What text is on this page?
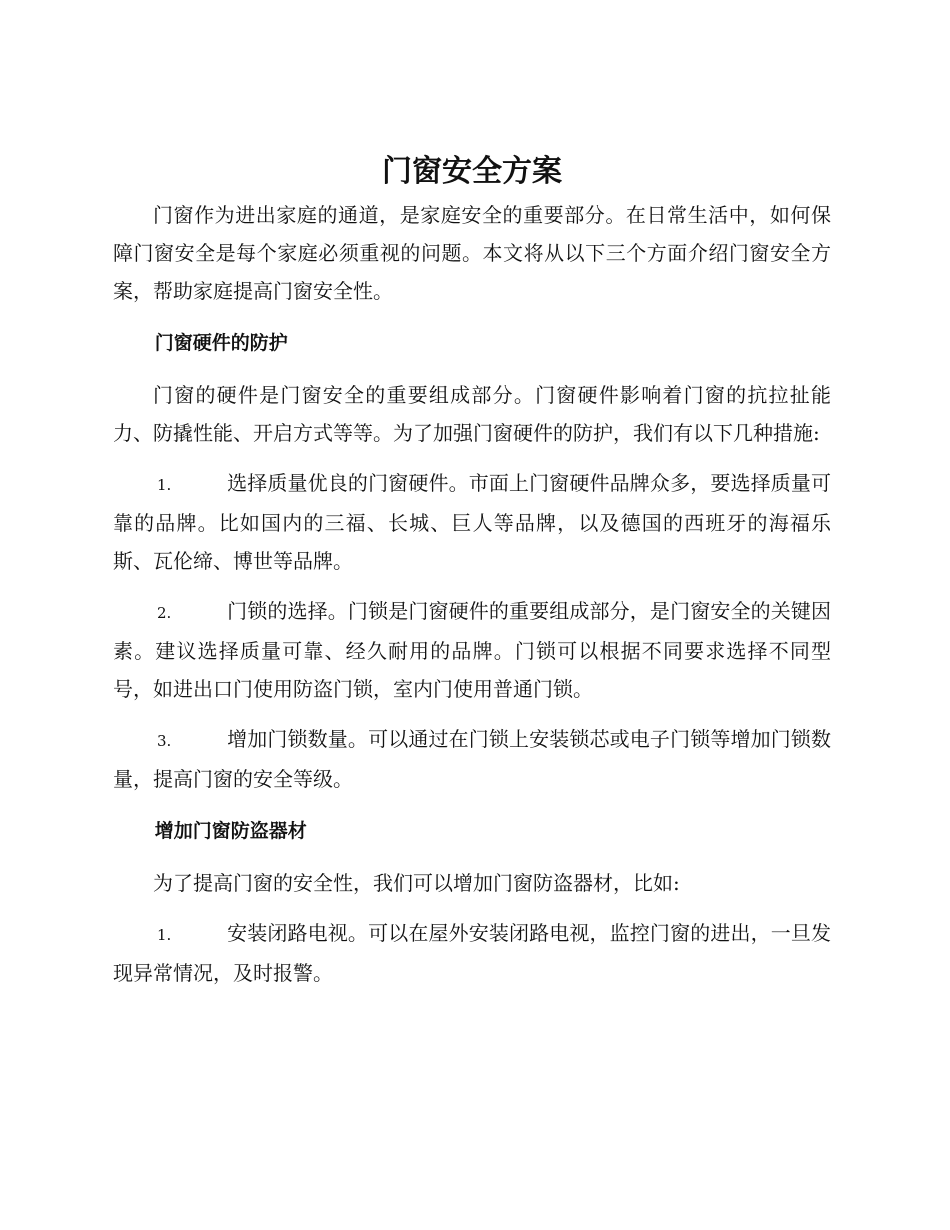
门窗安全方案

门窗作为进出家庭的通道，是家庭安全的重要部分。在日常生活中，如何保障门窗安全是每个家庭必须重视的问题。本文将从以下三个方面介绍门窗安全方案，帮助家庭提高门窗安全性。

门窗硬件的防护

门窗的硬件是门窗安全的重要组成部分。门窗硬件影响着门窗的抗拉扯能力、防撬性能、开启方式等等。为了加强门窗硬件的防护，我们有以下几种措施:

1.	选择质量优良的门窗硬件。市面上门窗硬件品牌众多，要选择质量可靠的品牌。比如国内的三福、长城、巨人等品牌，以及德国的西班牙的海福乐斯、瓦伦缔、博世等品牌。

2.	门锁的选择。门锁是门窗硬件的重要组成部分，是门窗安全的关键因素。建议选择质量可靠、经久耐用的品牌。门锁可以根据不同要求选择不同型号，如进出口门使用防盗门锁，室内门使用普通门锁。

3.	增加门锁数量。可以通过在门锁上安装锁芯或电子门锁等增加门锁数量，提高门窗的安全等级。

增加门窗防盗器材

为了提高门窗的安全性，我们可以增加门窗防盗器材，比如:

1.	安装闭路电视。可以在屋外安装闭路电视，监控门窗的进出，一旦发现异常情况，及时报警。
